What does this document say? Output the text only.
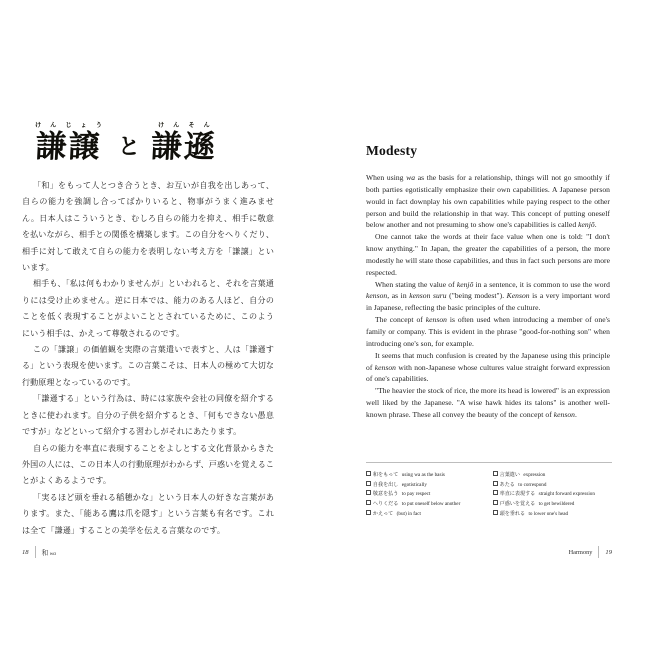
けんじょう
謙譲 と
けんそん
謙遜

「和」をもって人とつき合うとき、お互いが自我を出しあって、自らの能力を強調し合ってばかりいると、物事がうまく進みません。日本人はこういうとき、むしろ自らの能力を抑え、相手に敬意を払いながら、相手との関係を構築します。この自分をへりくだり、相手に対して敢えて自らの能力を表明しない考え方を「謙譲」といいます。

相手も、「私は何もわかりませんが」といわれると、それを言葉通りには受け止めません。逆に日本では、能力のある人ほど、自分のことを低く表現することがよいこととされているために、このようにいう相手は、かえって尊敬されるのです。

この「謙譲」の価値観を実際の言葉遣いで表すと、人は「謙遜する」という表現を使います。この言葉こそは、日本人の極めて大切な行動原理となっているのです。

「謙遜する」という行為は、時には家族や会社の同僚を紹介するときに使われます。自分の子供を紹介するとき、「何もできない愚息ですが」などといって紹介する習わしがそれにあたります。

自らの能力を率直に表現することをよしとする文化背景からきた外国の人には、この日本人の行動原理がわからず、戸惑いを覚えることがよくあるようです。

「実るほど頭を垂れる稲穂かな」という日本人の好きな言葉があります。また、「能ある鷹は爪を隠す」という言葉も有名です。これは全て「謙遜」することの美学を伝える言葉なのです。

18 和 wa
Modesty

When using wa as the basis for a relationship, things will not go smoothly if both parties egotistically emphasize their own capabilities. A Japanese person would in fact downplay his own capabilities while paying respect to the other person and build the relationship in that way. This concept of putting oneself below another and not presuming to show one's capabilities is called kenjō.

One cannot take the words at their face value when one is told: "I don't know anything." In Japan, the greater the capabilities of a person, the more modestly he will state those capabilities, and thus in fact such persons are more respected.

When stating the value of kenjō in a sentence, it is common to use the word kenson, as in kenson suru ("being modest"). Kenson is a very important word in Japanese, reflecting the basic principles of the culture.

The concept of kenson is often used when introducing a member of one's family or company. This is evident in the phrase "good-for-nothing son" when introducing one's son, for example.

It seems that much confusion is created by the Japanese using this principle of kenson with non-Japanese whose cultures value straight forward expression of one's capabilities.

"The heavier the stock of rice, the more its head is lowered" is an expression well liked by the Japanese. "A wise hawk hides its talons" is another well-known phrase. These all convey the beauty of the concept of kenson.

和をもって using wa as the basis
自我を出し egotistically
敬意を払う to pay respect
へりくだる to put oneself below another
かえって (but) in fact
言葉遣い expression
あたる to correspond
率直に表現する straight forward expression
戸惑いを覚える to get bewildered
頭を垂れる to lower one's head
Harmony 19
